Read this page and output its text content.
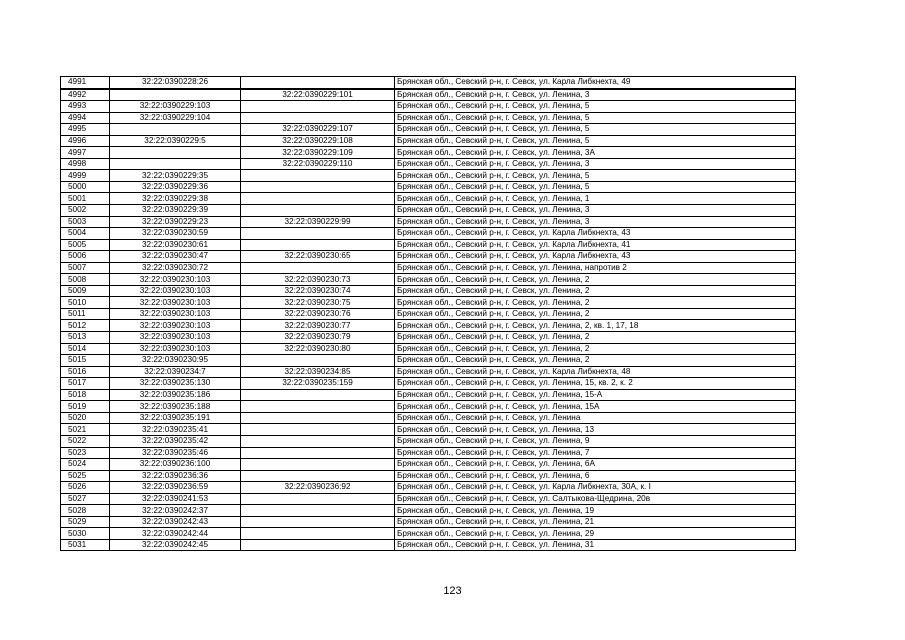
4991	32:22:0390228:26		Брянская обл., Севский р-н, г. Севск, ул. Карла Либкнехта, 49
4992		32:22:0390229:101	Брянская обл., Севский р-н, г. Севск, ул. Ленина, 3
4993	32:22:0390229:103		Брянская обл., Севский р-н, г. Севск, ул. Ленина, 5
4994	32:22:0390229:104		Брянская обл., Севский р-н, г. Севск, ул. Ленина, 5
4995		32:22:0390229:107	Брянская обл., Севский р-н, г. Севск, ул. Ленина, 5
4996	32:22:0390229:5	32:22:0390229:108	Брянская обл., Севский р-н, г. Севск, ул. Ленина, 5
4997		32:22:0390229:109	Брянская обл., Севский р-н, г. Севск, ул. Ленина, 3А
4998		32:22:0390229:110	Брянская обл., Севский р-н, г. Севск, ул. Ленина, 3
4999	32:22:0390229:35		Брянская обл., Севский р-н, г. Севск, ул. Ленина, 5
5000	32:22:0390229:36		Брянская обл., Севский р-н, г. Севск, ул. Ленина, 5
5001	32:22:0390229:38		Брянская обл., Севский р-н, г. Севск, ул. Ленина, 1
5002	32:22:0390229:39		Брянская обл., Севский р-н, г. Севск, ул. Ленина, 3
5003	32:22:0390229:23	32:22:0390229:99	Брянская обл., Севский р-н, г. Севск, ул. Ленина, 3
5004	32:22:0390230:59		Брянская обл., Севский р-н, г. Севск, ул. Карла Либкнехта, 43
5005	32:22:0390230:61		Брянская обл., Севский р-н, г. Севск, ул. Карла Либкнехта, 41
5006	32:22:0390230:47	32:22:0390230:65	Брянская обл., Севский р-н, г. Севск, ул. Карла Либкнехта, 43
5007	32:22:0390230:72		Брянская обл., Севский р-н, г. Севск, ул. Ленина, напротив 2
5008	32:22:0390230:103	32:22:0390230:73	Брянская обл., Севский р-н, г. Севск, ул. Ленина, 2
5009	32:22:0390230:103	32:22:0390230:74	Брянская обл., Севский р-н, г. Севск, ул. Ленина, 2
5010	32:22:0390230:103	32:22:0390230:75	Брянская обл., Севский р-н, г. Севск, ул. Ленина, 2
5011	32:22:0390230:103	32:22:0390230:76	Брянская обл., Севский р-н, г. Севск, ул. Ленина, 2
5012	32:22:0390230:103	32:22:0390230:77	Брянская обл., Севский р-н, г. Севск, ул. Ленина, 2, кв. 1, 17, 18
5013	32:22:0390230:103	32:22:0390230:79	Брянская обл., Севский р-н, г. Севск, ул. Ленина, 2
5014	32:22:0390230:103	32:22:0390230:80	Брянская обл., Севский р-н, г. Севск, ул. Ленина, 2
5015	32:22:0390230:95		Брянская обл., Севский р-н, г. Севск, ул. Ленина, 2
5016	32:22:0390234:7	32:22:0390234:85	Брянская обл., Севский р-н, г. Севск, ул. Карла Либкнехта, 48
5017	32:22:0390235:130	32:22:0390235:159	Брянская обл., Севский р-н, г. Севск, ул. Ленина, 15, кв. 2, к. 2
5018	32:22:0390235:186		Брянская обл., Севский р-н, г. Севск, ул. Ленина, 15-А
5019	32:22:0390235:188		Брянская обл., Севский р-н, г. Севск, ул. Ленина, 15А
5020	32:22:0390235:191		Брянская обл., Севский р-н, г. Севск, ул. Ленина
5021	32:22:0390235:41		Брянская обл., Севский р-н, г. Севск, ул. Ленина, 13
5022	32:22:0390235:42		Брянская обл., Севский р-н, г. Севск, ул. Ленина, 9
5023	32:22:0390235:46		Брянская обл., Севский р-н, г. Севск, ул. Ленина, 7
5024	32:22:0390236:100		Брянская обл., Севский р-н, г. Севск, ул. Ленина, 6А
5025	32:22:0390236:36		Брянская обл., Севский р-н, г. Севск, ул. Ленина, 6
5026	32:22:0390236:59	32:22:0390236:92	Брянская обл., Севский р-н, г. Севск, ул. Карла Либкнехта, 30А, к. I
5027	32:22:0390241:53		Брянская обл., Севский р-н, г. Севск, ул. Салтыкова-Щедрина, 20в
5028	32:22:0390242:37		Брянская обл., Севский р-н, г. Севск, ул. Ленина, 19
5029	32:22:0390242:43		Брянская обл., Севский р-н, г. Севск, ул. Ленина, 21
5030	32:22:0390242:44		Брянская обл., Севский р-н, г. Севск, ул. Ленина, 29
5031	32:22:0390242:45		Брянская обл., Севский р-н, г. Севск, ул. Ленина, 31
123
